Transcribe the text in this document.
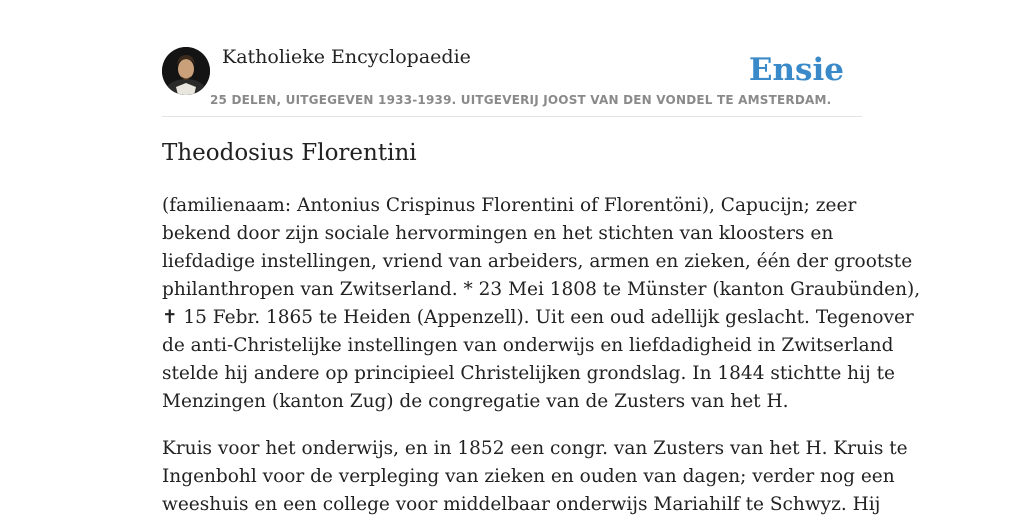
Katholieke Encyclopaedie
25 DELEN, UITGEGEVEN 1933-1939. UITGEVERIJ JOOST VAN DEN VONDEL TE AMSTERDAM.
Ensie
Theodosius Florentini

(familienaam: Antonius Crispinus Florentini of Florentöni), Capucijn; zeer
bekend door zijn sociale hervormingen en het stichten van kloosters en
liefdadige instellingen, vriend van arbeiders, armen en zieken, één der grootste
philanthropen van Zwitserland. * 23 Mei 1808 te Münster (kanton Graubünden),
✝ 15 Febr. 1865 te Heiden (Appenzell). Uit een oud adellijk geslacht. Tegenover
de anti-Christelijke instellingen van onderwijs en liefdadigheid in Zwitserland
stelde hij andere op principieel Christelijken grondslag. In 1844 stichtte hij te
Menzingen (kanton Zug) de congregatie van de Zusters van het H.

Kruis voor het onderwijs, en in 1852 een congr. van Zusters van het H. Kruis te
Ingenbohl voor de verpleging van zieken en ouden van dagen; verder nog een
weeshuis en een college voor middelbaar onderwijs Mariahilf te Schwyz. Hij
